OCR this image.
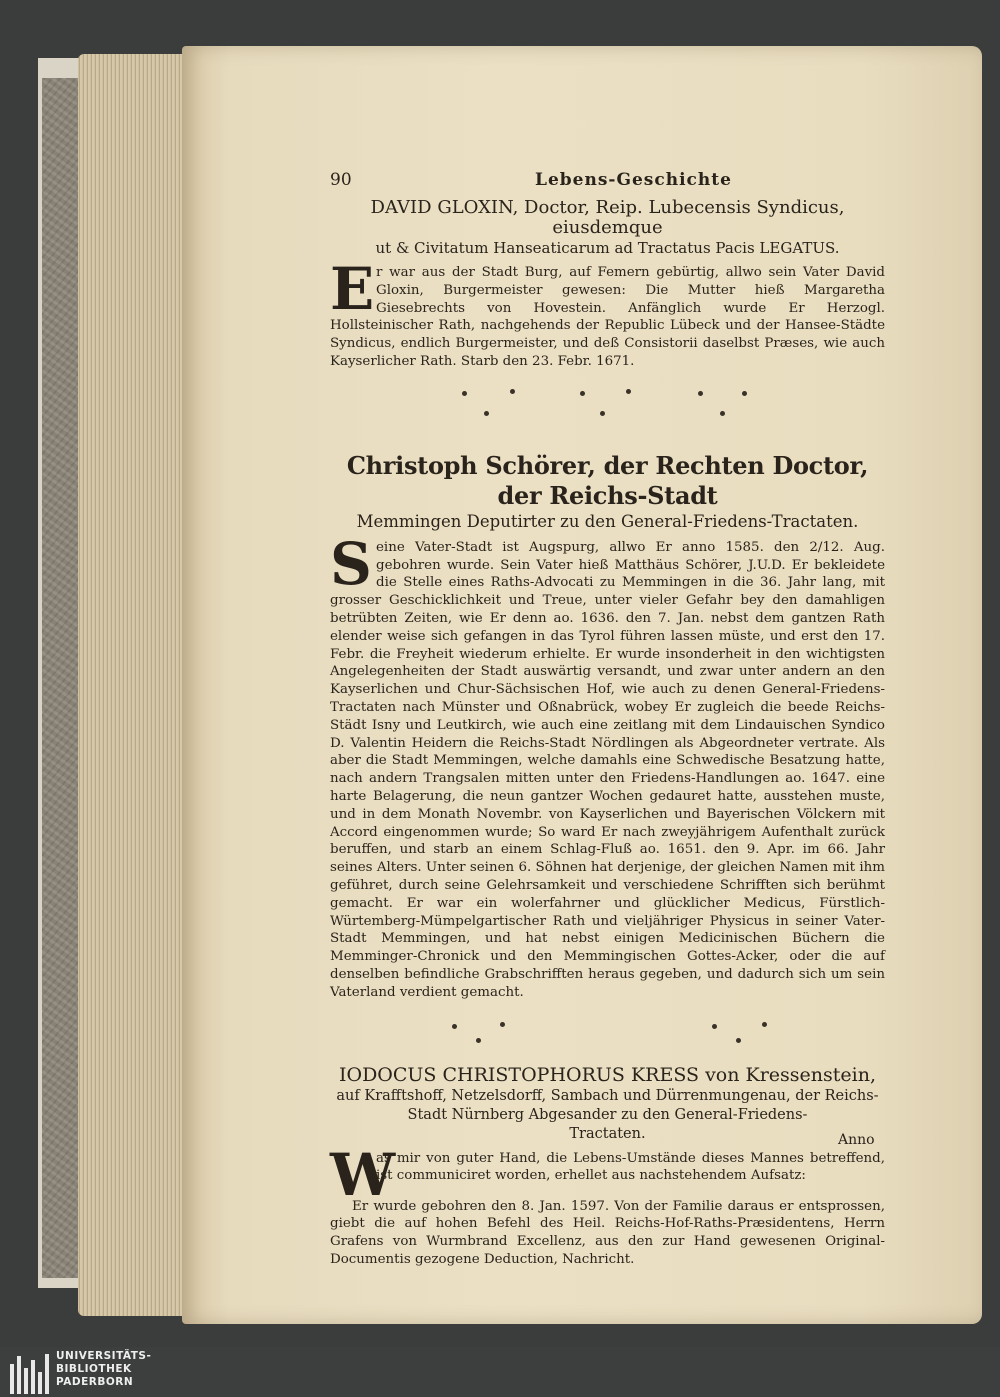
90	Lebens-Geschichte

DAVID GLOXIN, Doctor, Reip. Lubecensis Syndicus, eiusdemque

ut & Civitatum Hanseaticarum ad Tractatus Pacis LEGATUS.

Er war aus der Stadt Burg, auf Femern gebürtig, allwo sein Vater David Gloxin, Burgermeister gewesen: Die Mutter hieß Margaretha Giesebrechts von Hovestein. Anfänglich wurde Er Herzogl. Hollsteinischer Rath, nachgehends der Republic Lübeck und der Hansee-Städte Syndicus, endlich Burgermeister, und deß Consistorii daselbst Præses, wie auch Kayserlicher Rath. Starb den 23. Febr. 1671.

Christoph Schörer, der Rechten Doctor, der Reichs-Stadt

Memmingen Deputirter zu den General-Friedens-Tractaten.

Seine Vater-Stadt ist Augspurg, allwo Er anno 1585. den 2/12. Aug. gebohren wurde. Sein Vater hieß Matthäus Schörer, J.U.D. Er bekleidete die Stelle eines Raths-Advocati zu Memmingen in die 36. Jahr lang, mit grosser Geschicklichkeit und Treue, unter vieler Gefahr bey den damahligen betrübten Zeiten, wie Er denn ao. 1636. den 7. Jan. nebst dem gantzen Rath elender weise sich gefangen in das Tyrol führen lassen müste, und erst den 17. Febr. die Freyheit wiederum erhielte. Er wurde insonderheit in den wichtigsten Angelegenheiten der Stadt auswärtig versandt, und zwar unter andern an den Kayserlichen und Chur-Sächsischen Hof, wie auch zu denen General-Friedens-Tractaten nach Münster und Oßnabrück, wobey Er zugleich die beede Reichs-Städt Isny und Leutkirch, wie auch eine zeitlang mit dem Lindauischen Syndico D. Valentin Heidern die Reichs-Stadt Nördlingen als Abgeordneter vertrate. Als aber die Stadt Memmingen, welche damahls eine Schwedische Besatzung hatte, nach andern Trangsalen mitten unter den Friedens-Handlungen ao. 1647. eine harte Belagerung, die neun gantzer Wochen gedauret hatte, ausstehen muste, und in dem Monath Novembr. von Kayserlichen und Bayerischen Völckern mit Accord eingenommen wurde; So ward Er nach zweyjährigem Aufenthalt zurück beruffen, und starb an einem Schlag-Fluß ao. 1651. den 9. Apr. im 66. Jahr seines Alters. Unter seinen 6. Söhnen hat derjenige, der gleichen Namen mit ihm geführet, durch seine Gelehrsamkeit und verschiedene Schrifften sich berühmt gemacht. Er war ein wolerfahrner und glücklicher Medicus, Fürstlich-Würtemberg-Mümpelgartischer Rath und vieljähriger Physicus in seiner Vater-Stadt Memmingen, und hat nebst einigen Medicinischen Büchern die Memminger-Chronick und den Memmingischen Gottes-Acker, oder die auf denselben befindliche Grabschrifften heraus gegeben, und dadurch sich um sein Vaterland verdient gemacht.

IODOCUS CHRISTOPHORUS KRESS von Kressenstein,

auf Krafftshoff, Netzelsdorff, Sambach und Dürrenmungenau, der Reichs-

Stadt Nürnberg Abgesander zu den General-Friedens-

Tractaten.

W
as mir von guter Hand, die Lebens-Umstände dieses Mannes betreffend, ist communiciret worden, erhellet aus nachstehendem Aufsatz:

Er wurde gebohren den 8. Jan. 1597. Von der Familie daraus er entsprossen, giebt die auf hohen Befehl des Heil. Reichs-Hof-Raths-Præsidentens, Herrn Grafens von Wurmbrand Excellenz, aus den zur Hand gewesenen Original-Documentis gezogene Deduction, Nachricht.

Anno
UNIVERSITÄTS-
BIBLIOTHEK
PADERBORN
